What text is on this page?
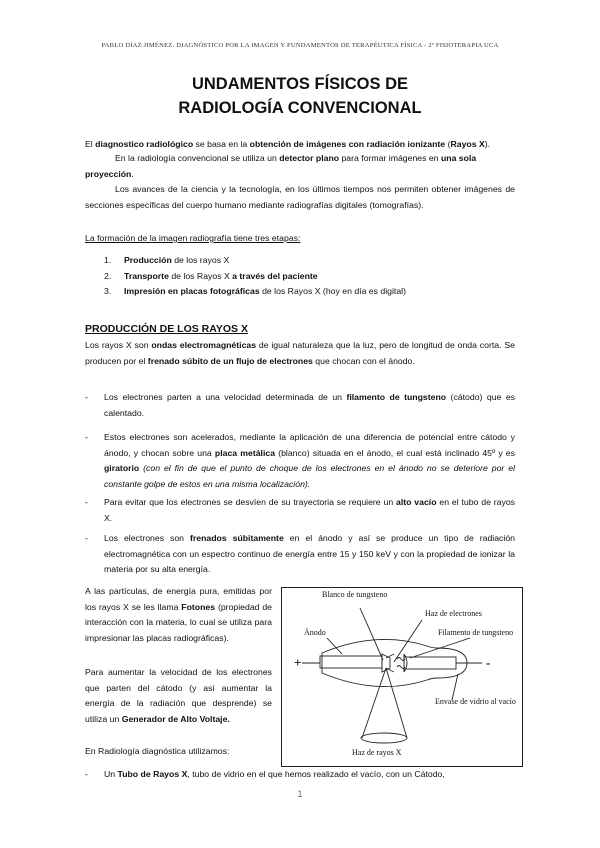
PABLO DÍAZ JIMÉNEZ. DIAGNÓSTICO POR LA IMAGEN Y FUNDAMENTOS DE TERAPÉUTICA FÍSICA - 2º FISIOTERAPIA UCA
UNDAMENTOS FÍSICOS DE
RADIOLOGÍA CONVENCIONAL
El diagnostico radiológico se basa en la obtención de imágenes con radiación ionizante (Rayos X).
En la radiología convencional se utiliza un detector plano para formar imágenes en una sola proyección.
Los avances de la ciencia y la tecnología, en los últimos tiempos nos permiten obtener imágenes de secciones específicas del cuerpo humano mediante radiografías digitales (tomografías).
La formación de la imagen radiografía tiene tres etapas:
1. Producción de los rayos X
2. Transporte de los Rayos X a través del paciente
3. Impresión en placas fotográficas de los Rayos X (hoy en día es digital)
PRODUCCIÓN DE LOS RAYOS X
Los rayos X son ondas electromagnéticas de igual naturaleza que la luz, pero de longitud de onda corta. Se producen por el frenado súbito de un flujo de electrones que chocan con el ánodo.
- Los electrones parten a una velocidad determinada de un filamento de tungsteno (cátodo) que es calentado.
- Estos electrones son acelerados, mediante la aplicación de una diferencia de potencial entre cátodo y ánodo, y chocan sobre una placa metálica (blanco) situada en el ánodo, el cual está inclinado 45º y es giratorio (con el fin de que el punto de choque de los electrones en el ánodo no se deteriore por el constante golpe de estos en una misma localización).
- Para evitar que los electrones se desvíen de su trayectoria se requiere un alto vacío en el tubo de rayos X.
- Los electrones son frenados súbitamente en el ánodo y así se produce un tipo de radiación electromagnética con un espectro continuo de energía entre 15 y 150 keV y con la propiedad de ionizar la materia por su alta energía.
A las partículas, de energía pura, emitidas por los rayos X se les llama Fotones (propiedad de interacción con la materia, lo cual se utiliza para impresionar las placas radiográficas).
Para aumentar la velocidad de los electrones que parten del cátodo (y así aumentar la energía de la radiación que desprende) se utiliza un Generador de Alto Voltaje.
En Radiología diagnóstica utilizamos:
- Un Tubo de Rayos X, tubo de vidrio en el que hemos realizado el vacío, con un Cátodo,
Blanco de tungsteno
Haz de electrones
Ánodo	Filamento de tungsteno
+	-
Envase de vidrio al vacío
Haz de rayos X
1
